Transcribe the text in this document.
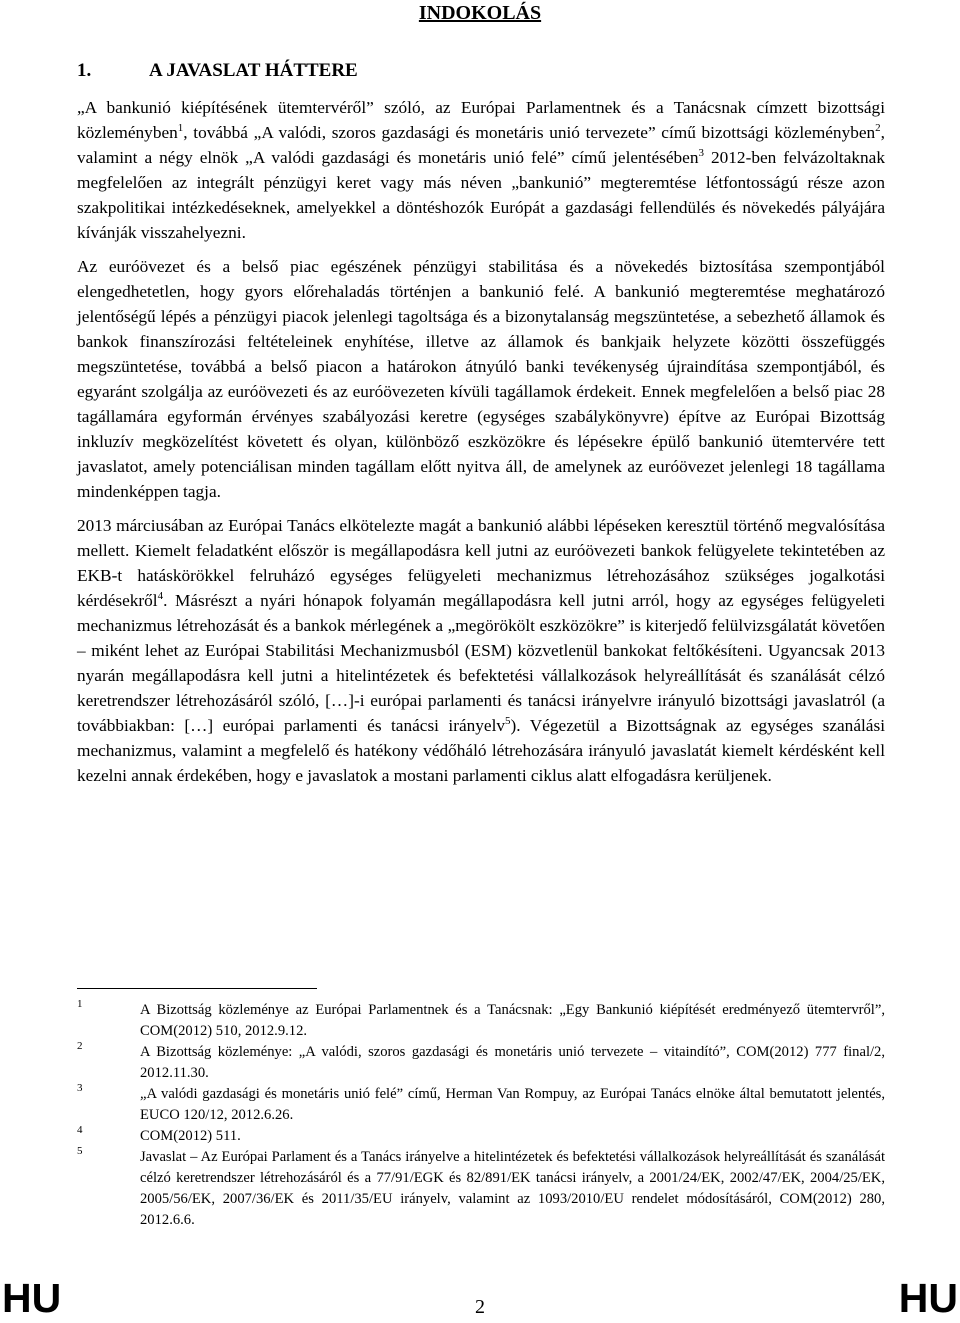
INDOKOLÁS
1.	A JAVASLAT HÁTTERE

„A bankunió kiépítésének ütemtervéről” szóló, az Európai Parlamentnek és a Tanácsnak címzett bizottsági közleményben$^1$, továbbá „A valódi, szoros gazdasági és monetáris unió tervezete” című bizottsági közleményben$^2$, valamint a négy elnök „A valódi gazdasági és monetáris unió felé” című jelentésében$^3$ 2012-ben felvázoltaknak megfelelően az integrált pénzügyi keret vagy más néven „bankunió” megteremtése létfontosságú része azon szakpolitikai intézkedéseknek, amelyekkel a döntéshozók Európát a gazdasági fellendülés és növekedés pályájára kívánják visszahelyezni.

Az euróövezet és a belső piac egészének pénzügyi stabilitása és a növekedés biztosítása szempontjából elengedhetetlen, hogy gyors előrehaladás történjen a bankunió felé. A bankunió megteremtése meghatározó jelentőségű lépés a pénzügyi piacok jelenlegi tagoltsága és a bizonytalanság megszüntetése, a sebezhető államok és bankok finanszírozási feltételeinek enyhítése, illetve az államok és bankjaik helyzete közötti összefüggés megszüntetése, továbbá a belső piacon a határokon átnyúló banki tevékenység újraindítása szempontjából, és egyaránt szolgálja az euróövezeti és az euróövezeten kívüli tagállamok érdekeit. Ennek megfelelően a belső piac 28 tagállamára egyformán érvényes szabályozási keretre (egységes szabálykönyvre) építve az Európai Bizottság inkluzív megközelítést követett és olyan, különböző eszközökre és lépésekre épülő bankunió ütemtervére tett javaslatot, amely potenciálisan minden tagállam előtt nyitva áll, de amelynek az euróövezet jelenlegi 18 tagállama mindenképpen tagja.

2013 márciusában az Európai Tanács elkötelezte magát a bankunió alábbi lépéseken keresztül történő megvalósítása mellett. Kiemelt feladatként először is megállapodásra kell jutni az euróövezeti bankok felügyelete tekintetében az EKB-t hatáskörökkel felruházó egységes felügyeleti mechanizmus létrehozásához szükséges jogalkotási kérdésekről$^4$. Másrészt a nyári hónapok folyamán megállapodásra kell jutni arról, hogy az egységes felügyeleti mechanizmus létrehozását és a bankok mérlegének a „megörökölt eszközökre” is kiterjedő felülvizsgálatát követően – miként lehet az Európai Stabilitási Mechanizmusból (ESM) közvetlenül bankokat feltőkésíteni. Ugyancsak 2013 nyarán megállapodásra kell jutni a hitelintézetek és befektetési vállalkozások helyreállítását és szanálását célzó keretrendszer létrehozásáról szóló, […]-i európai parlamenti és tanácsi irányelvre irányuló bizottsági javaslatról (a továbbiakban: […] európai parlamenti és tanácsi irányelv$^5$). Végezetül a Bizottságnak az egységes szanálási mechanizmus, valamint a megfelelő és hatékony védőháló létrehozására irányuló javaslatát kiemelt kérdésként kell kezelni annak érdekében, hogy e javaslatok a mostani parlamenti ciklus alatt elfogadásra kerüljenek.

1	A Bizottság közleménye az Európai Parlamentnek és a Tanácsnak: „Egy Bankunió kiépítését eredményező ütemtervről”, COM(2012) 510, 2012.9.12.

2	A Bizottság közleménye: „A valódi, szoros gazdasági és monetáris unió tervezete – vitaindító”, COM(2012) 777 final/2, 2012.11.30.

3	„A valódi gazdasági és monetáris unió felé” című, Herman Van Rompuy, az Európai Tanács elnöke által bemutatott jelentés, EUCO 120/12, 2012.6.26.

4	COM(2012) 511.

5	Javaslat – Az Európai Parlament és a Tanács irányelve a hitelintézetek és befektetési vállalkozások helyreállítását és szanálását célzó keretrendszer létrehozásáról és a 77/91/EGK és 82/891/EK tanácsi irányelv, a 2001/24/EK, 2002/47/EK, 2004/25/EK, 2005/56/EK, 2007/36/EK és 2011/35/EU irányelv, valamint az 1093/2010/EU rendelet módosításáról, COM(2012) 280, 2012.6.6.

HU	2	HU
